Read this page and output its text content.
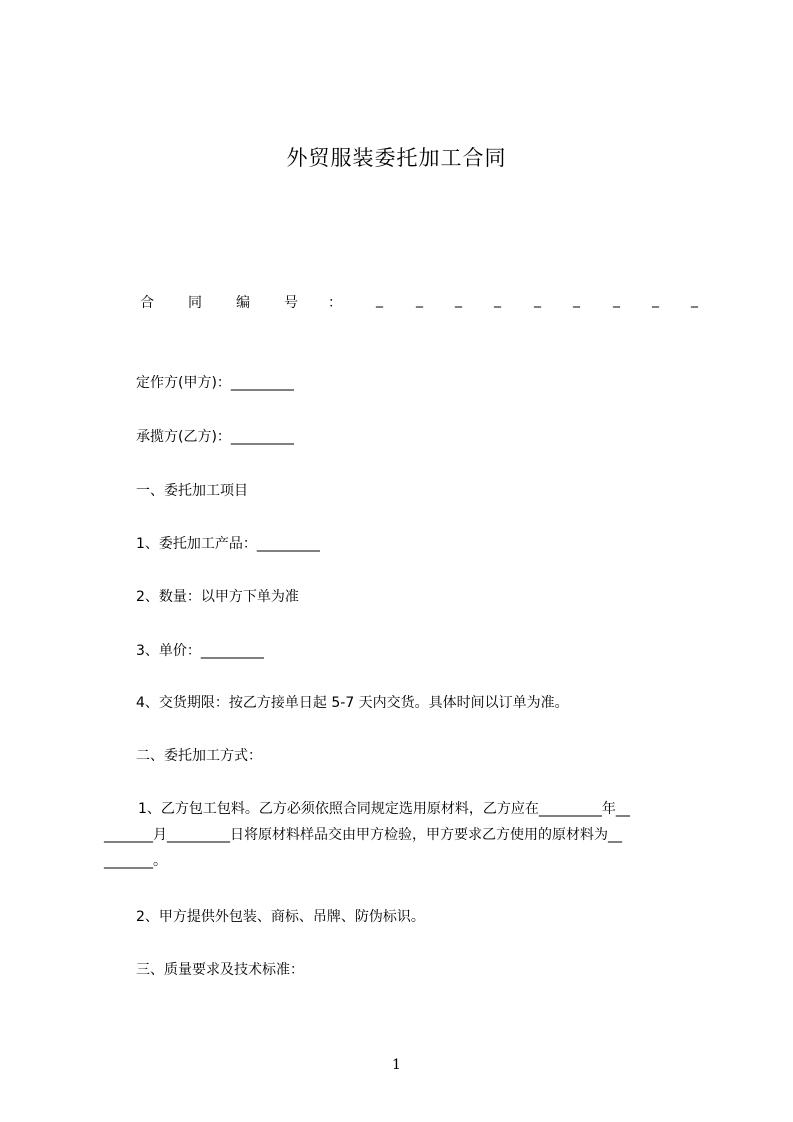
外贸服装委托加工合同
合 同 编 号 ： _ _ _ _ _ _ _ _ _
定作方(甲方)：_________
承揽方(乙方)：_________
一、委托加工项目
1、委托加工产品：_________
2、数量：以甲方下单为准
3、单价：_________
4、交货期限：按乙方接单日起 5-7 天内交货。具体时间以订单为准。
二、委托加工方式：
1、乙方包工包料。乙方必须依照合同规定选用原材料，乙方应在_________年__
_______月_________日将原材料样品交由甲方检验，甲方要求乙方使用的原材料为__
_______。
2、甲方提供外包装、商标、吊牌、防伪标识。
三、质量要求及技术标准：
1
